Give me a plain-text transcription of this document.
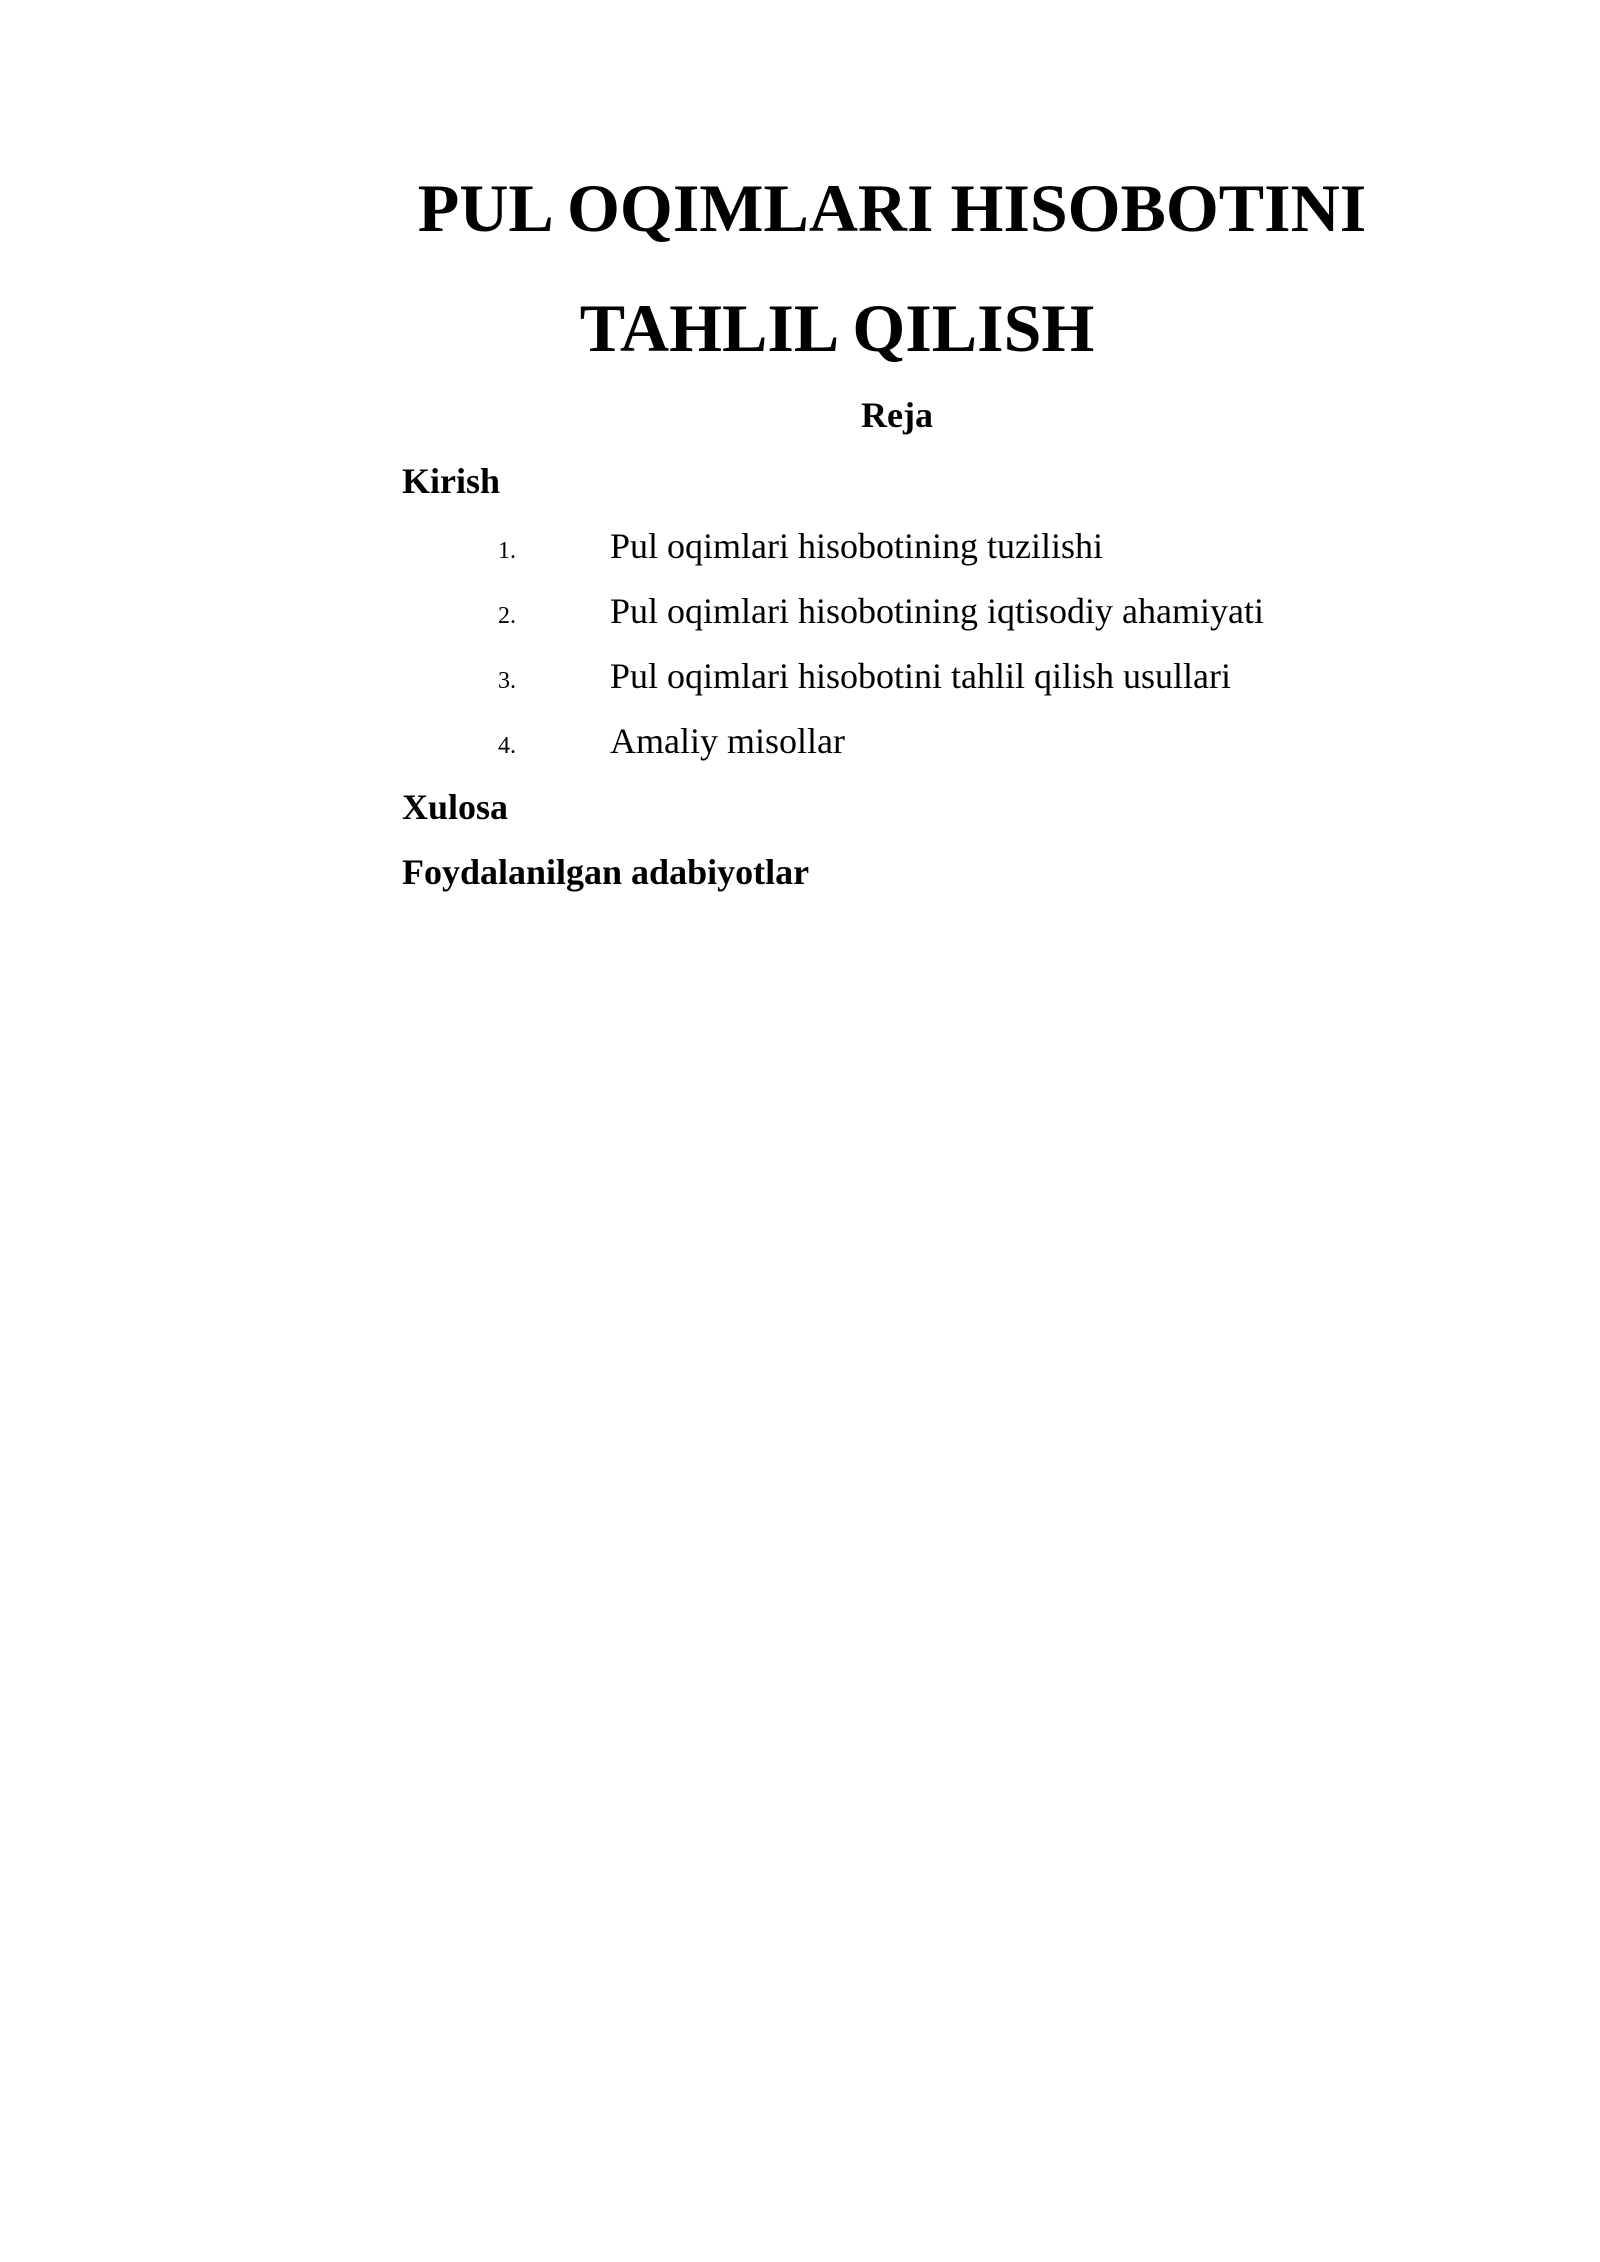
PUL OQIMLARI HISOBOTINI
TAHLIL QILISH

Reja

Kirish

1.	Pul oqimlari hisobotining tuzilishi
2.	Pul oqimlari hisobotining iqtisodiy ahamiyati
3.	Pul oqimlari hisobotini tahlil qilish usullari
4.	Amaliy misollar

Xulosa

Foydalanilgan adabiyotlar
